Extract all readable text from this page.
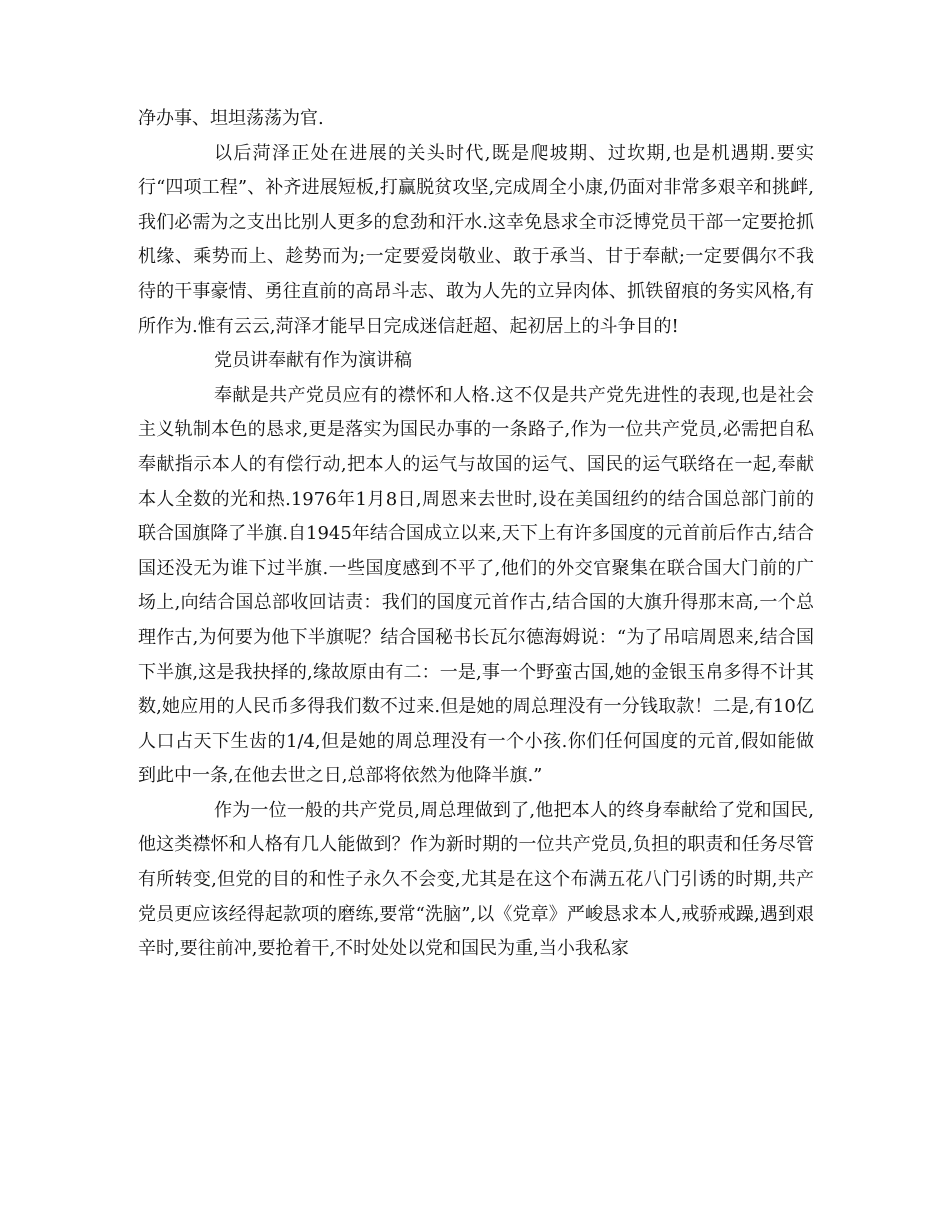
净办事、坦坦荡荡为官.

以后菏泽正处在进展的关头时代,既是爬坡期、过坎期,也是机遇期.要实行“四项工程”、补齐进展短板,打赢脱贫攻坚,完成周全小康,仍面对非常多艰辛和挑衅,我们必需为之支出比别人更多的怠劲和汗水.这幸免恳求全市泛博党员干部一定要抢抓机缘、乘势而上、趁势而为;一定要爱岗敬业、敢于承当、甘于奉献;一定要偶尔不我待的干事豪情、勇往直前的高昂斗志、敢为人先的立异肉体、抓铁留痕的务实风格,有所作为.惟有云云,菏泽才能早日完成迷信赶超、起初居上的斗争目的!

党员讲奉献有作为演讲稿

奉献是共产党员应有的襟怀和人格.这不仅是共产党先进性的表现,也是社会主义轨制本色的恳求,更是落实为国民办事的一条路子,作为一位共产党员,必需把自私奉献指示本人的有偿行动,把本人的运气与故国的运气、国民的运气联络在一起,奉献本人全数的光和热.1976年1月8日,周恩来去世时,设在美国纽约的结合国总部门前的联合国旗降了半旗.自1945年结合国成立以来,天下上有许多国度的元首前后作古,结合国还没无为谁下过半旗.一些国度感到不平了,他们的外交官聚集在联合国大门前的广场上,向结合国总部收回诘责：我们的国度元首作古,结合国的大旗升得那末高,一个总理作古,为何要为他下半旗呢？结合国秘书长瓦尔德海姆说：“为了吊唁周恩来,结合国下半旗,这是我抉择的,缘故原由有二：一是,事一个野蛮古国,她的金银玉帛多得不计其数,她应用的人民币多得我们数不过来.但是她的周总理没有一分钱取款！二是,有10亿人口占天下生齿的1/4,但是她的周总理没有一个小孩.你们任何国度的元首,假如能做到此中一条,在他去世之日,总部将依然为他降半旗.”

作为一位一般的共产党员,周总理做到了,他把本人的终身奉献给了党和国民,他这类襟怀和人格有几人能做到？作为新时期的一位共产党员,负担的职责和任务尽管有所转变,但党的目的和性子永久不会变,尤其是在这个布满五花八门引诱的时期,共产党员更应该经得起款项的磨练,要常“洗脑”,以《党章》严峻恳求本人,戒骄戒躁,遇到艰辛时,要往前冲,要抢着干,不时处处以党和国民为重,当小我私家
